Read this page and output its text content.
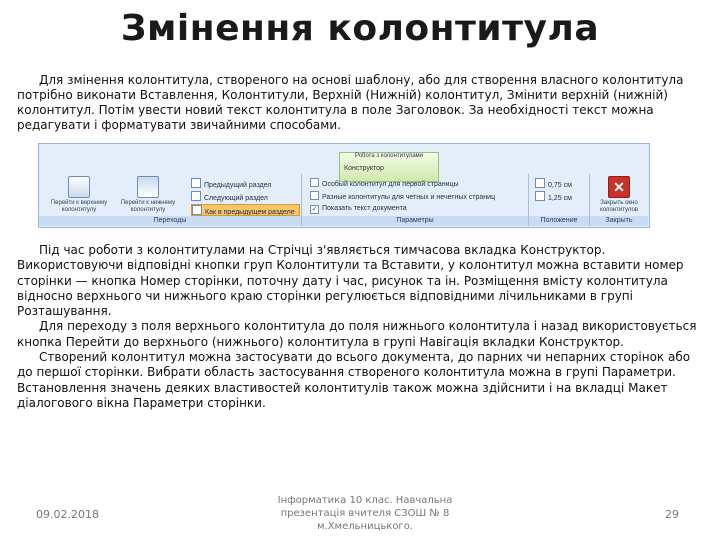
Змінення колонтитула

Для змінення колонтитула, створеного на основі шаблону, або для створення власного колонтитула потрібно виконати Вставлення, Колонтитули, Верхній (Нижній) колонтитул, Змінити верхній (нижній) колонтитул. Потім увести новий текст колонтитула в поле Заголовок. За необхідності текст можна редагувати і форматувати звичайними способами.

Робота з колонтитулами
Конструктор
Перейти к верхнему колонтитулу
Перейти к нижнему колонтитулу
Предыдущий раздел
Следующий раздел
Как в предыдущем разделе
Переходы
Особый колонтитул для первой страницы
Разные колонтитулы для четных и нечетных страниц
✓ Показать текст документа
Параметры
0,75 см
1,25 см
Положение
✕
Закрыть окно колонтитулов
Закрыть

Під час роботи з колонтитулами на Стрічці з'являється тимчасова вкладка Конструктор. Використовуючи відповідні кнопки груп Колонтитули та Вставити, у колонтитул можна вставити номер сторінки — кнопка Номер сторінки, поточну дату і час, рисунок та ін. Розміщення вмісту колонтитула відносно верхнього чи нижнього краю сторінки регулюється відповідними лічильниками в групі Розташування.

Для переходу з поля верхнього колонтитула до поля нижнього колонтитула і назад використовується кнопка Перейти до верхнього (нижнього) колонтитула в групі Навігація вкладки Конструктор.

Створений колонтитул можна застосувати до всього документа, до парних чи непарних сторінок або до першої сторінки. Вибрати область застосування створеного колонтитула можна в групі Параметри. Встановлення значень деяких властивостей колонтитулів також можна здійснити і на вкладці Макет діалогового вікна Параметри сторінки.

09.02.2018
Інформатика 10 клас. Навчальна презентація вчителя СЗОШ № 8 м.Хмельницького.
29
